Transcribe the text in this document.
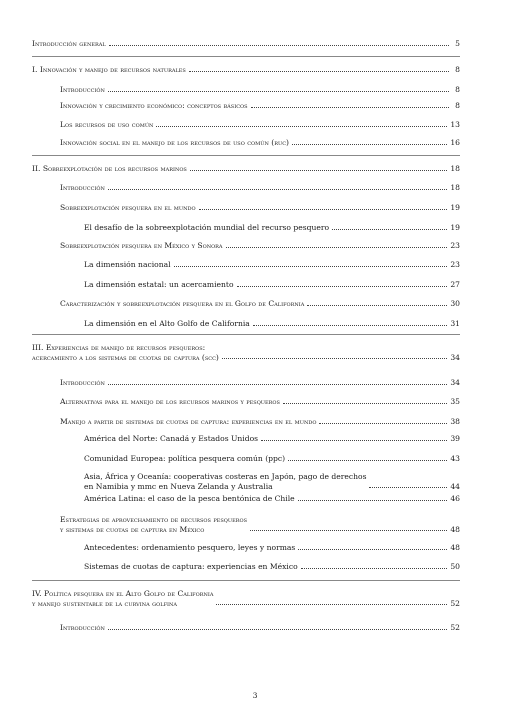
Introducción general	5
I. Innovación y manejo de recursos naturales	8
Introducción	8
Innovación y crecimiento económico: conceptos básicos	8
Los recursos de uso común	13
Innovación social en el manejo de los recursos de uso común (ruc)	16
II. Sobreexplotación de los recursos marinos	18
Introducción	18
Sobreexplotación pesquera en el mundo	19
El desafío de la sobreexplotación mundial del recurso pesquero	19
Sobreexplotación pesquera en México y Sonora	23
La dimensión nacional	23
La dimensión estatal: un acercamiento	27
Caracterización y sobreexplotación pesquera en el Golfo de California	30
La dimensión en el Alto Golfo de California	31
III. Experiencias de manejo de recursos pesqueros:
acercamiento a los sistemas de cuotas de captura (scc)	34
Introducción	34
Alternativas para el manejo de los recursos marinos y pesqueros	35
Manejo a partir de sistemas de cuotas de captura: experiencias en el mundo	38
América del Norte: Canadá y Estados Unidos	39
Comunidad Europea: política pesquera común (ppc)	43
Asia, África y Oceanía: cooperativas costeras en Japón, pago de derechos
en Namibia y mmc en Nueva Zelanda y Australia	44
América Latina: el caso de la pesca bentónica de Chile	46
Estrategias de aprovechamiento de recursos pesqueros
y sistemas de cuotas de captura en México	48
Antecedentes: ordenamiento pesquero, leyes y normas	48
Sistemas de cuotas de captura: experiencias en México	50
IV. Política pesquera en el Alto Golfo de California
y manejo sustentable de la curvina golfina	52
Introducción	52
3
